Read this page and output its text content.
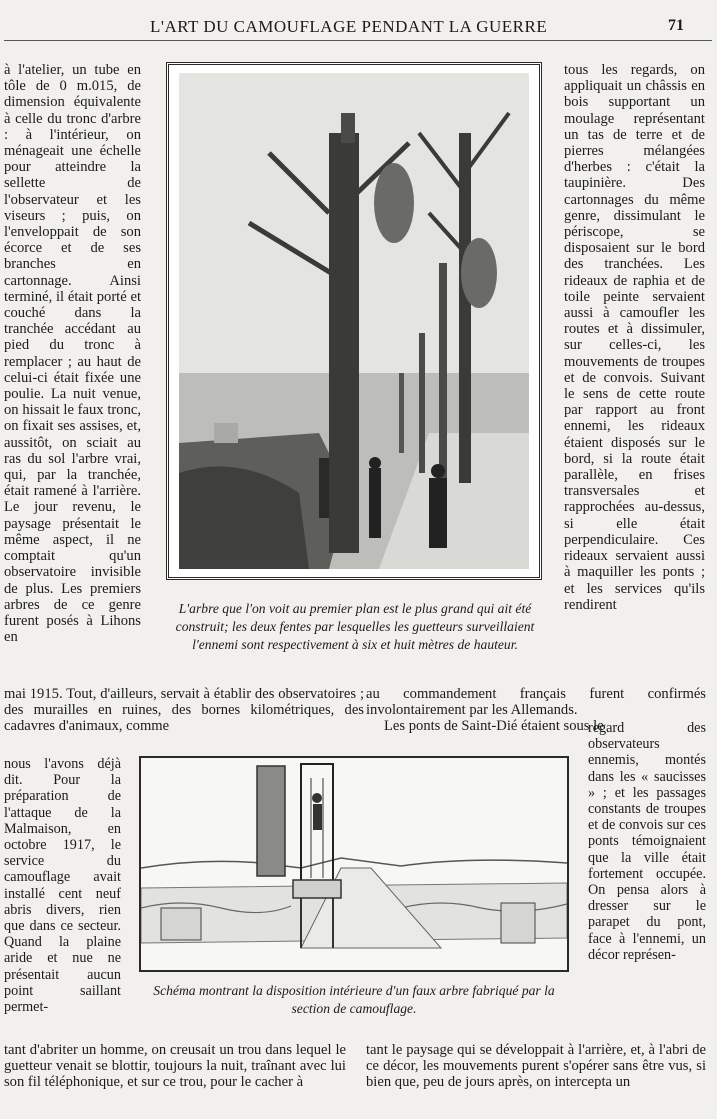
L'ART DU CAMOUFLAGE PENDANT LA GUERRE	71

à l'atelier, un tube en tôle de 0 m.015, de dimension équivalente à celle du tronc d'arbre : à l'intérieur, on ménageait une échelle pour atteindre la sellette de l'observateur et les viseurs ; puis, on l'enveloppait de son écorce et de ses branches en cartonnage. Ainsi terminé, il était porté et couché dans la tranchée accédant au pied du tronc à remplacer ; au haut de celui-ci était fixée une poulie. La nuit venue, on hissait le faux tronc, on fixait ses assises, et, aussitôt, on sciait au ras du sol l'arbre vrai, qui, par la tranchée, était ramené à l'arrière. Le jour revenu, le paysage présentait le même aspect, il ne comptait qu'un observatoire invisible de plus. Les premiers arbres de ce genre furent posés à Lihons en

L'arbre que l'on voit au premier plan est le plus grand qui ait été construit; les deux fentes par lesquelles les guetteurs surveillaient l'ennemi sont respectivement à six et huit mètres de hauteur.

tous les regards, on appliquait un châssis en bois supportant un moulage représentant un tas de terre et de pierres mélangées d'herbes : c'était la taupinière. Des cartonnages du même genre, dissimulant le périscope, se disposaient sur le bord des tranchées. Les rideaux de raphia et de toile peinte servaient aussi à camoufler les routes et à dissimuler, sur celles-ci, les mouvements de troupes et de convois. Suivant le sens de cette route par rapport au front ennemi, les rideaux étaient disposés sur le bord, si la route était parallèle, en frises transversales et rapprochées au-dessus, si elle était perpendiculaire. Ces rideaux servaient aussi à maquiller les ponts ; et les services qu'ils rendirent

mai 1915. Tout, d'ailleurs, servait à établir des observatoires ; des murailles en ruines, des bornes kilométriques, des cadavres d'animaux, comme

au commandement français furent confirmés involontairement par les Allemands.

Les ponts de Saint-Dié étaient sous le

nous l'avons déjà dit. Pour la préparation de l'attaque de la Malmaison, en octobre 1917, le service du camouflage avait installé cent neuf abris divers, rien que dans ce secteur. Quand la plaine aride et nue ne présentait aucun point saillant permet-

Schéma montrant la disposition intérieure d'un faux arbre fabriqué par la section de camouflage.

regard des observateurs ennemis, montés dans les « saucisses » ; et les passages constants de troupes et de convois sur ces ponts témoignaient que la ville était fortement occupée. On pensa alors à dresser sur le parapet du pont, face à l'ennemi, un décor représen-

tant d'abriter un homme, on creusait un trou dans lequel le guetteur venait se blottir, toujours la nuit, traînant avec lui son fil téléphonique, et sur ce trou, pour le cacher à

tant le paysage qui se développait à l'arrière, et, à l'abri de ce décor, les mouvements purent s'opérer sans être vus, si bien que, peu de jours après, on intercepta un
